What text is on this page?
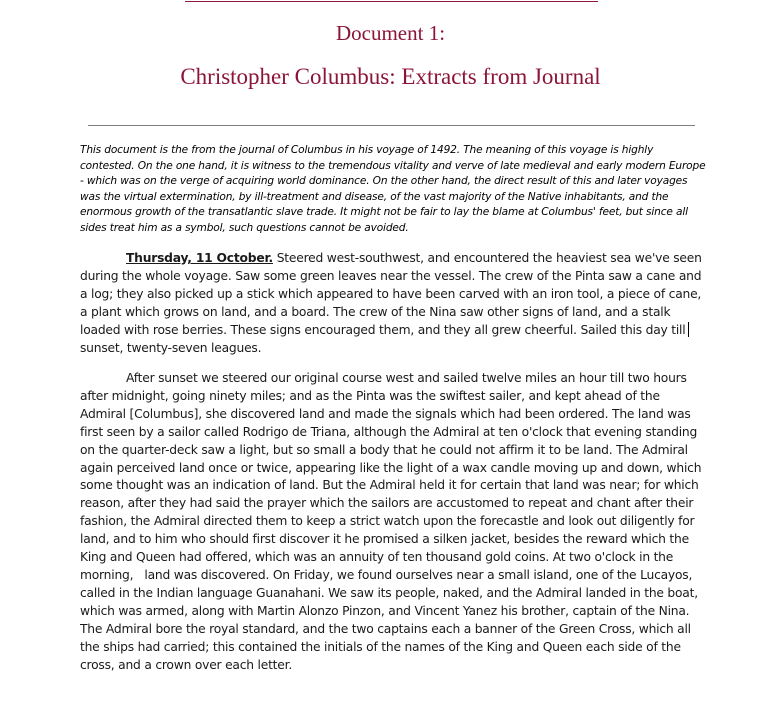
Document 1:
Christopher Columbus: Extracts from Journal

This document is the from the journal of Columbus in his voyage of 1492. The meaning of this voyage is highly contested. On the one hand, it is witness to the tremendous vitality and verve of late medieval and early modern Europe - which was on the verge of acquiring world dominance. On the other hand, the direct result of this and later voyages was the virtual extermination, by ill-treatment and disease, of the vast majority of the Native inhabitants, and the enormous growth of the transatlantic slave trade. It might not be fair to lay the blame at Columbus' feet, but since all sides treat him as a symbol, such questions cannot be avoided.

Thursday, 11 October. Steered west-southwest, and encountered the heaviest sea we've seen during the whole voyage. Saw some green leaves near the vessel. The crew of the Pinta saw a cane and a log; they also picked up a stick which appeared to have been carved with an iron tool, a piece of cane, a plant which grows on land, and a board. The crew of the Nina saw other signs of land, and a stalk loaded with rose berries. These signs encouraged them, and they all grew cheerful. Sailed this day till sunset, twenty-seven leagues.

After sunset we steered our original course west and sailed twelve miles an hour till two hours after midnight, going ninety miles; and as the Pinta was the swiftest sailer, and kept ahead of the Admiral [Columbus], she discovered land and made the signals which had been ordered. The land was first seen by a sailor called Rodrigo de Triana, although the Admiral at ten o'clock that evening standing on the quarter-deck saw a light, but so small a body that he could not affirm it to be land. The Admiral again perceived land once or twice, appearing like the light of a wax candle moving up and down, which some thought was an indication of land. But the Admiral held it for certain that land was near; for which reason, after they had said the prayer which the sailors are accustomed to repeat and chant after their fashion, the Admiral directed them to keep a strict watch upon the forecastle and look out diligently for land, and to him who should first discover it he promised a silken jacket, besides the reward which the King and Queen had offered, which was an annuity of ten thousand gold coins. At two o'clock in the morning,   land was discovered. On Friday, we found ourselves near a small island, one of the Lucayos, called in the Indian language Guanahani. We saw its people, naked, and the Admiral landed in the boat, which was armed, along with Martin Alonzo Pinzon, and Vincent Yanez his brother, captain of the Nina. The Admiral bore the royal standard, and the two captains each a banner of the Green Cross, which all the ships had carried; this contained the initials of the names of the King and Queen each side of the cross, and a crown over each letter.
